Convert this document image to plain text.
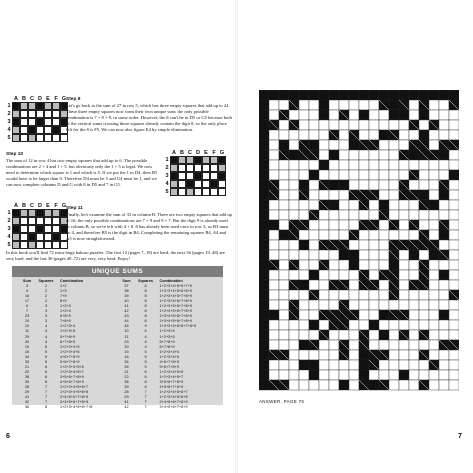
A B C D E F G
1
2
3
4
5

Step 9
Let's go back to the sum of 27 in row 5, which has three empty squares that add up to 24. These three empty squares now form their own unique sum; the only possible combination is 7 + 8 + 9, in some order. However, the 8 can't be in D5 or G5 because both of the vertical sums crossing those squares already contain the digit 8, so the only place left for the 8 is F5. We can now also figure E4 by simple elimination.

Step 10
The sum of 12 in row 4 has two empty squares that add up to 6. The possible combinations are 2 + 4 and 1 + 5, but obviously only the 1 + 5 is legal. We now need to determine which square is 1 and which is 5. If we put the 1 in D4, then B5 would have to be larger than 9. Therefore D4 must be 5 and G4 must be 1, and we can now complete columns D and G with 8 in D5 and 7 in G5.

A B C D E F G
1
2
3
4
5
A B C D E F G
1
2
3
4
5

Step 11
Finally, let's examine the sum of 33 in column B. There are two empty squares that add up to 16; the only possible combinations are 7 + 9 and 9 + 7. But the digit 9 is already used in column B, so we're left with 4 + 8. 8 has already been used once in row 3, so B3 must be 4, and therefore B5 is the digit in B4. Completing the remaining squares B4, A4 and A5 is now straightforward.

In this book you'll find 72 extra-large kakuro puzzles. The first 12 (pages 7–18) are hard, the next 36 (pages 19–48) are very hard, and the last 36 (pages 49–72) are very, very hard. Enjoy!

UNIQUE SUMS
Sum	Squares	Combination
3	2	1+2
4	2	1+3
16	2	7+9
17	2	8+9
6	3	1+2+3
7	3	1+2+4
23	3	6+8+9
24	3	7+8+9
10	4	1+2+3+4
11	4	1+2+3+5
29	4	5+7+8+9
30	4	6+7+8+9
15	5	1+2+3+4+5
16	5	1+2+3+4+6
34	5	4+6+7+8+9
35	5	5+6+7+8+9
21	6	1+2+3+4+5+6
22	6	1+2+3+4+5+7
38	6	3+5+6+7+8+9
39	6	4+5+6+7+8+9
28	7	1+2+3+4+5+6+7
29	7	1+2+3+4+5+6+8
41	7	2+4+5+6+7+8+9
42	7	3+4+5+6+7+8+9
36	8	1+2+3+4+5+6+7+8
Sum	Squares	Combination
37	8	1+2+3+4+5+6+7+9
38	8	1+2+3+4+5+6+8+9
39	8	1+2+3+4+5+7+8+9
40	8	1+2+3+4+6+7+8+9
41	8	1+2+3+5+6+7+8+9
42	8	1+2+4+5+6+7+8+9
43	8	1+3+4+5+6+7+8+9
44	8	2+3+4+5+6+7+8+9
45	9	1+2+3+4+5+6+7+8+9
10	4	1+2+3+4
11	4	1+2+3+5
29	4	5+7+8+9
30	4	6+7+8+9
15	5	1+2+3+4+5
16	5	1+2+3+4+6
34	5	4+6+7+8+9
35	5	5+6+7+8+9
21	6	1+2+3+4+5+6
22	6	1+2+3+4+5+7
38	6	3+5+6+7+8+9
39	6	4+5+6+7+8+9
28	7	1+2+3+4+5+6+7
29	7	1+2+3+4+5+6+8
41	7	2+4+5+6+7+8+9
42	7	3+4+5+6+7+8+9
6
ANSWER, PAGE 75
7
